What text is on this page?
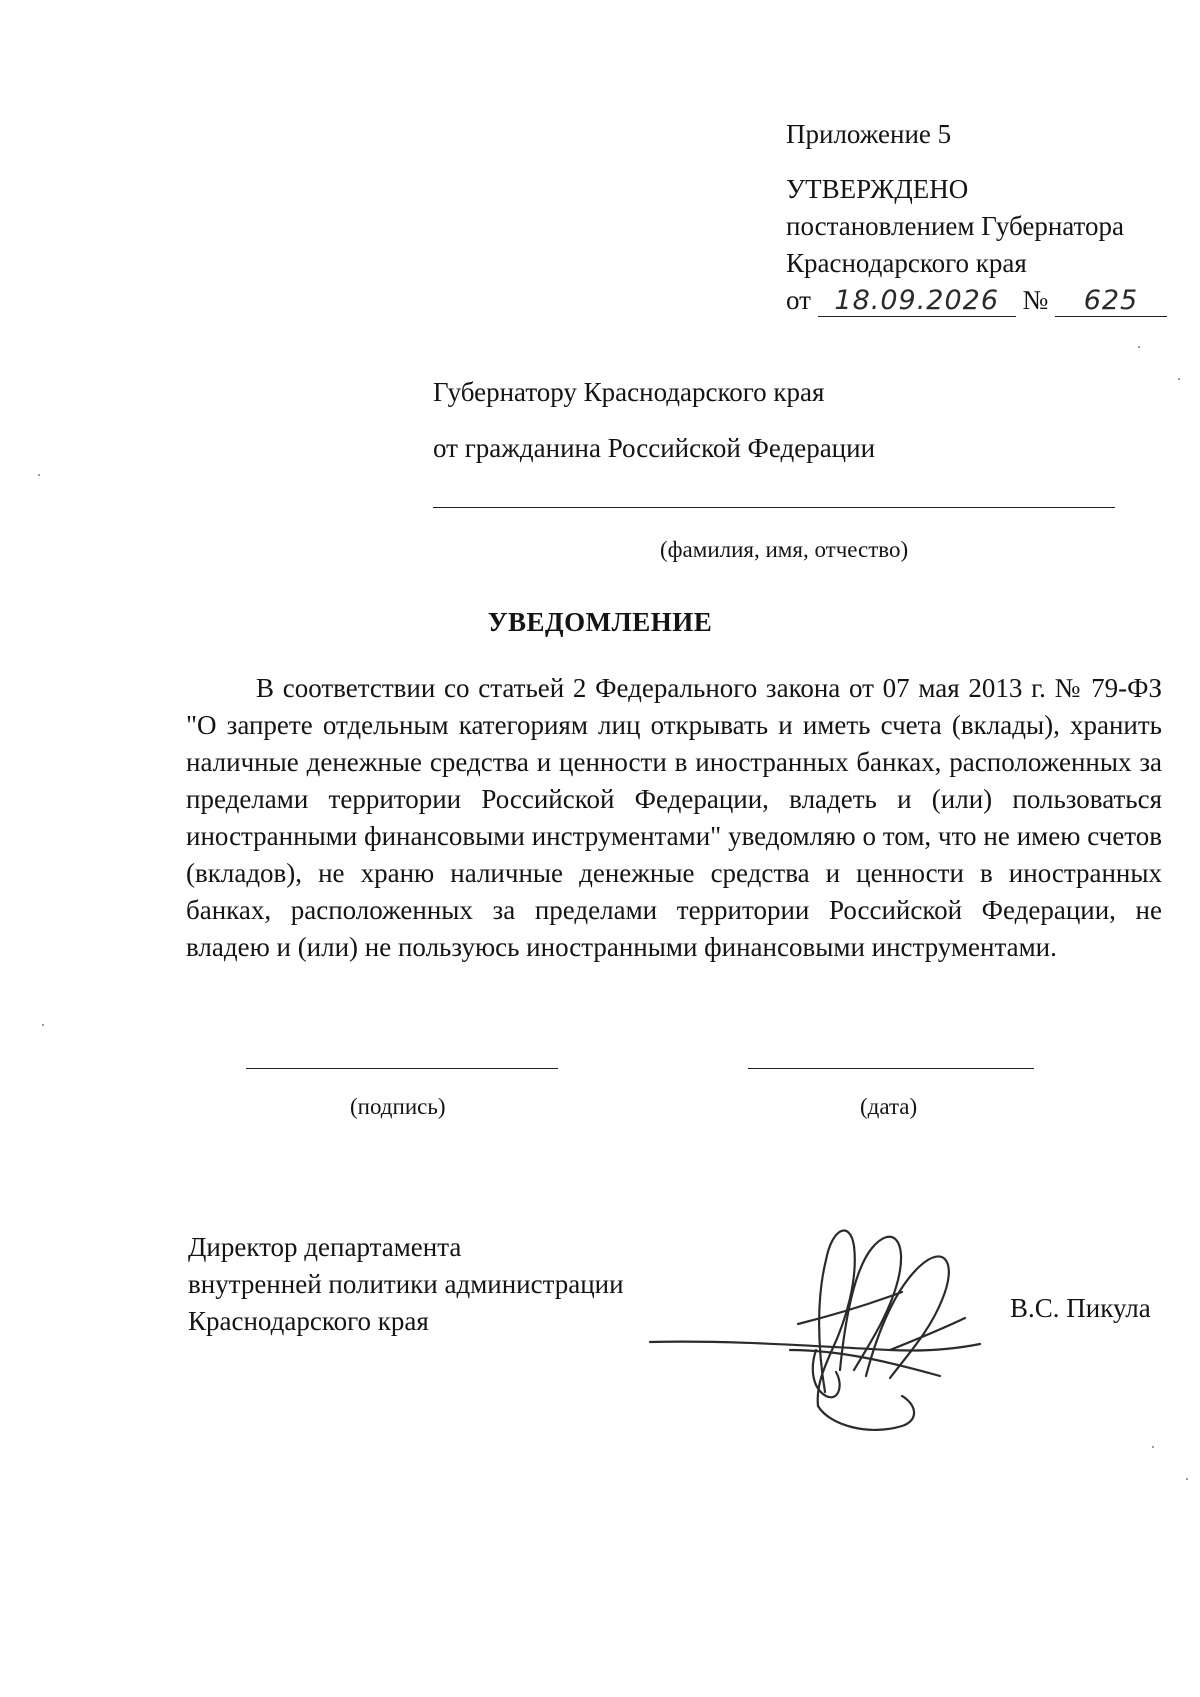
Приложение 5
УТВЕРЖДЕНО
постановлением Губернатора
Краснодарского края
от 18.09.2026 № 625
Губернатору Краснодарского края
от гражданина Российской Федерации
(фамилия, имя, отчество)
УВЕДОМЛЕНИЕ

В соответствии со статьей 2 Федерального закона от 07 мая 2013 г. № 79-ФЗ "О запрете отдельным категориям лиц открывать и иметь счета (вклады), хранить наличные денежные средства и ценности в иностранных банках, расположенных за пределами территории Российской Федерации, владеть и (или) пользоваться иностранными финансовыми инструментами" уведомляю о том, что не имею счетов (вкладов), не храню наличные денежные средства и ценности в иностранных банках, расположенных за пределами территории Российской Федерации, не владею и (или) не пользуюсь иностранными финансовыми инструментами.

(подпись)	(дата)
Директор департамента
внутренней политики администрации
Краснодарского края	В.С. Пикула
